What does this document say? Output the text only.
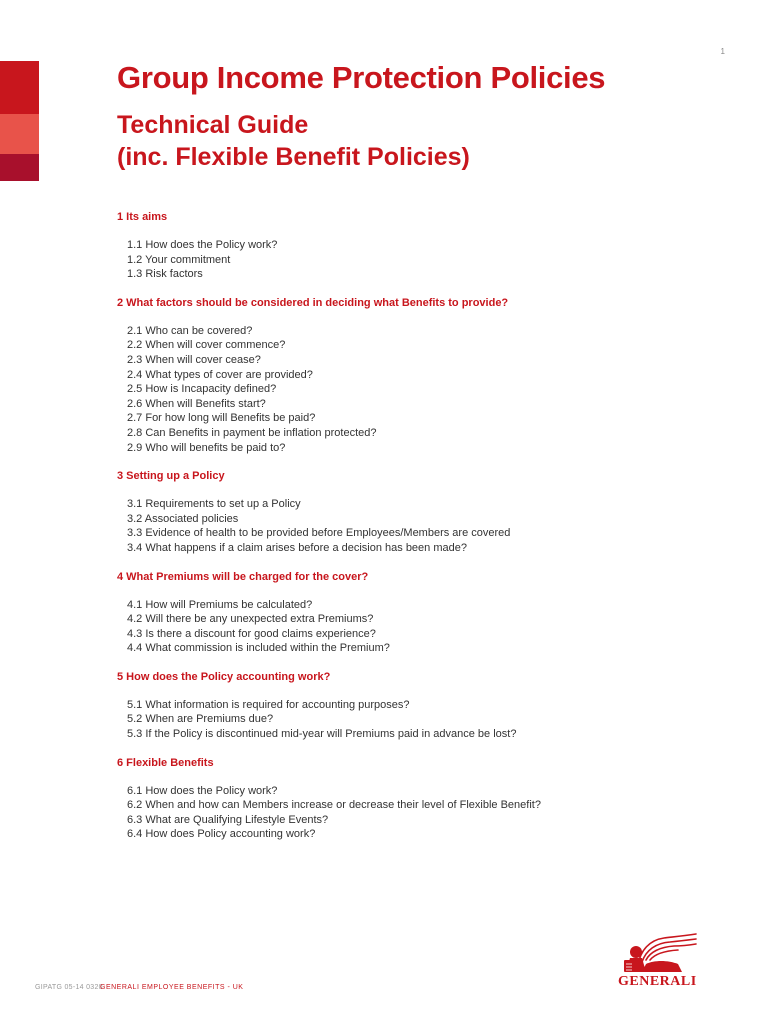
1
Group Income Protection Policies
Technical Guide
(inc. Flexible Benefit Policies)

1 Its aims

1.1 How does the Policy work?
1.2 Your commitment
1.3 Risk factors

2 What factors should be considered in deciding what Benefits to provide?

2.1 Who can be covered?
2.2 When will cover commence?
2.3 When will cover cease?
2.4 What types of cover are provided?
2.5 How is Incapacity defined?
2.6 When will Benefits start?
2.7 For how long will Benefits be paid?
2.8 Can Benefits in payment be inflation protected?
2.9 Who will benefits be paid to?

3 Setting up a Policy

3.1 Requirements to set up a Policy
3.2 Associated policies
3.3 Evidence of health to be provided before Employees/Members are covered
3.4 What happens if a claim arises before a decision has been made?

4 What Premiums will be charged for the cover?

4.1 How will Premiums be calculated?
4.2 Will there be any unexpected extra Premiums?
4.3 Is there a discount for good claims experience?
4.4 What commission is included within the Premium?

5 How does the Policy accounting work?

5.1 What information is required for accounting purposes?
5.2 When are Premiums due?
5.3 If the Policy is discontinued mid-year will Premiums paid in advance be lost?

6 Flexible Benefits

6.1 How does the Policy work?
6.2 When and how can Members increase or decrease their level of Flexible Benefit?
6.3 What are Qualifying Lifestyle Events?
6.4 How does Policy accounting work?
GIPATG 05-14 0320
GENERALI EMPLOYEE BENEFITS - UK	GENERALI
